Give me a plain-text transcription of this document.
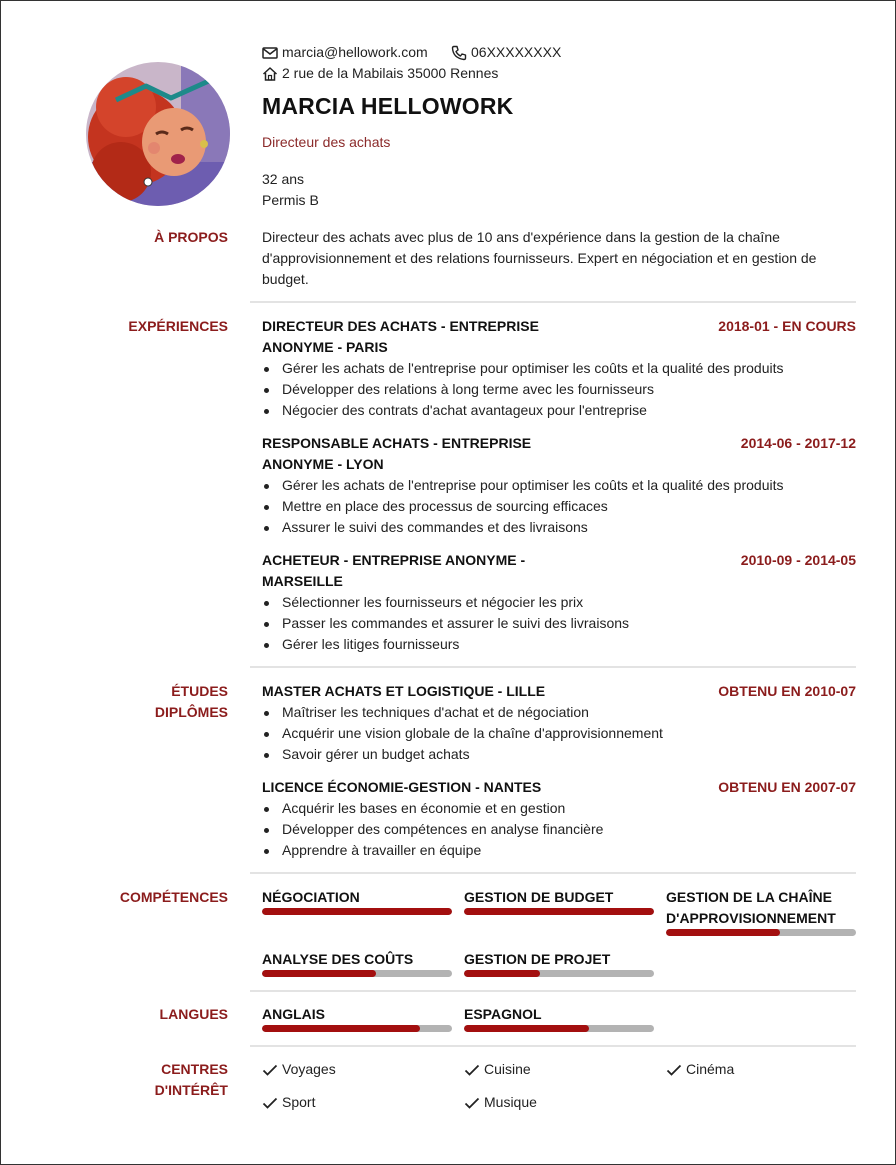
marcia@hellowork.com	06XXXXXXXX
2 rue de la Mabilais 35000 Rennes
MARCIA HELLOWORK
Directeur des achats
32 ans
Permis B
À PROPOS Directeur des achats avec plus de 10 ans d'expérience dans la gestion de la chaîne
d'approvisionnement et des relations fournisseurs. Expert en négociation et en gestion de
budget.
EXPÉRIENCES DIRECTEUR DES ACHATS - ENTREPRISE
ANONYME - PARIS
2018-01 - EN COURS
Gérer les achats de l'entreprise pour optimiser les coûts et la qualité des produits
Développer des relations à long terme avec les fournisseurs
Négocier des contrats d'achat avantageux pour l'entreprise
RESPONSABLE ACHATS - ENTREPRISE
ANONYME - LYON
2014-06 - 2017-12
Gérer les achats de l'entreprise pour optimiser les coûts et la qualité des produits
Mettre en place des processus de sourcing efficaces
Assurer le suivi des commandes et des livraisons
ACHETEUR - ENTREPRISE ANONYME -
MARSEILLE
2010-09 - 2014-05
Sélectionner les fournisseurs et négocier les prix
Passer les commandes et assurer le suivi des livraisons
Gérer les litiges fournisseurs
ÉTUDES
DIPLÔMES
MASTER ACHATS ET LOGISTIQUE - LILLE	OBTENU EN 2010-07
Maîtriser les techniques d'achat et de négociation
Acquérir une vision globale de la chaîne d'approvisionnement
Savoir gérer un budget achats
LICENCE ÉCONOMIE-GESTION - NANTES	OBTENU EN 2007-07
Acquérir les bases en économie et en gestion
Développer des compétences en analyse financière
Apprendre à travailler en équipe
COMPÉTENCES NÉGOCIATION	GESTION DE BUDGET	GESTION DE LA CHAÎNE
D'APPROVISIONNEMENT
ANALYSE DES COÛTS	GESTION DE PROJET
LANGUES ANGLAIS	ESPAGNOL
CENTRES
D'INTÉRÊT
Voyages	Cuisine	Cinéma
Sport	Musique
